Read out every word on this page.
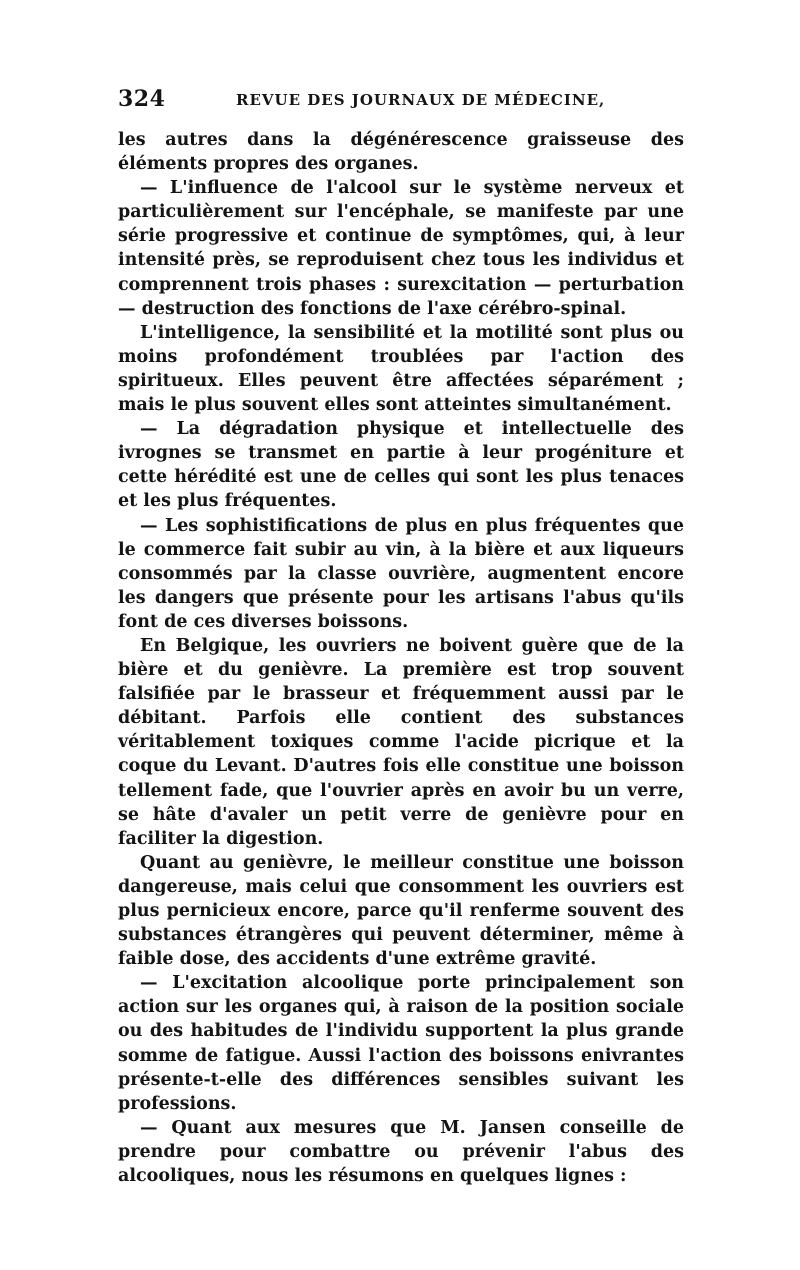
324	REVUE DES JOURNAUX DE MÉDECINE,

les autres dans la dégénérescence graisseuse des éléments propres des organes.

— L'influence de l'alcool sur le système nerveux et particulièrement sur l'encéphale, se manifeste par une série progressive et continue de symptômes, qui, à leur intensité près, se reproduisent chez tous les individus et comprennent trois phases : surexcitation — perturbation — destruction des fonctions de l'axe cérébro-spinal.

L'intelligence, la sensibilité et la motilité sont plus ou moins profondément troublées par l'action des spiritueux. Elles peuvent être affectées séparément ; mais le plus souvent elles sont atteintes simultanément.

— La dégradation physique et intellectuelle des ivrognes se transmet en partie à leur progéniture et cette hérédité est une de celles qui sont les plus tenaces et les plus fréquentes.

— Les sophistifications de plus en plus fréquentes que le commerce fait subir au vin, à la bière et aux liqueurs consommés par la classe ouvrière, augmentent encore les dangers que présente pour les artisans l'abus qu'ils font de ces diverses boissons.

En Belgique, les ouvriers ne boivent guère que de la bière et du genièvre. La première est trop souvent falsifiée par le brasseur et fréquemment aussi par le débitant. Parfois elle contient des substances véritablement toxiques comme l'acide picrique et la coque du Levant. D'autres fois elle constitue une boisson tellement fade, que l'ouvrier après en avoir bu un verre, se hâte d'avaler un petit verre de genièvre pour en faciliter la digestion.

Quant au genièvre, le meilleur constitue une boisson dangereuse, mais celui que consomment les ouvriers est plus pernicieux encore, parce qu'il renferme souvent des substances étrangères qui peuvent déterminer, même à faible dose, des accidents d'une extrême gravité.

— L'excitation alcoolique porte principalement son action sur les organes qui, à raison de la position sociale ou des habitudes de l'individu supportent la plus grande somme de fatigue. Aussi l'action des boissons enivrantes présente-t-elle des différences sensibles suivant les professions.

— Quant aux mesures que M. Jansen conseille de prendre pour combattre ou prévenir l'abus des alcooliques, nous les résumons en quelques lignes :
